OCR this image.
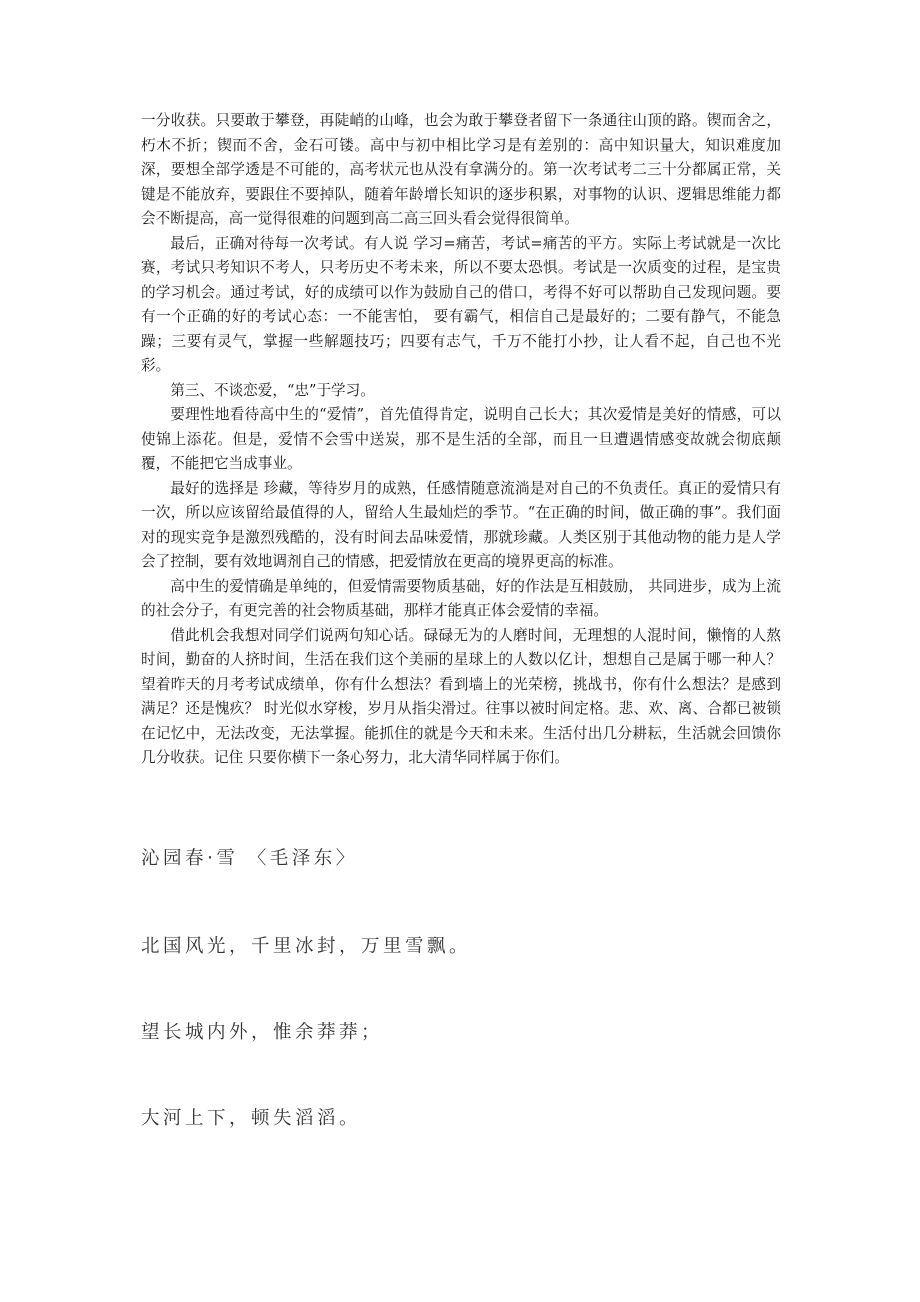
一分收获。只要敢于攀登，再陡峭的山峰，也会为敢于攀登者留下一条通往山顶的路。锲而舍之，朽木不折；锲而不舍，金石可镂。高中与初中相比学习是有差别的：高中知识量大，知识难度加深，要想全部学透是不可能的，高考状元也从没有拿满分的。第一次考试考二三十分都属正常，关键是不能放弃，要跟住不要掉队，随着年龄增长知识的逐步积累，对事物的认识、逻辑思维能力都会不断提高，高一觉得很难的问题到高二高三回头看会觉得很简单。

最后，正确对待每一次考试。有人说 学习=痛苦，考试=痛苦的平方。实际上考试就是一次比赛，考试只考知识不考人，只考历史不考未来，所以不要太恐惧。考试是一次质变的过程，是宝贵的学习机会。通过考试，好的成绩可以作为鼓励自己的借口，考得不好可以帮助自己发现问题。要有一个正确的好的考试心态：一不能害怕， 要有霸气，相信自己是最好的；二要有静气，不能急躁；三要有灵气，掌握一些解题技巧；四要有志气，千万不能打小抄，让人看不起，自己也不光彩。

第三、不谈恋爱，“忠”于学习。

要理性地看待高中生的“爱情”，首先值得肯定，说明自己长大；其次爱情是美好的情感，可以使锦上添花。但是，爱情不会雪中送炭，那不是生活的全部，而且一旦遭遇情感变故就会彻底颠覆，不能把它当成事业。

最好的选择是 珍藏，等待岁月的成熟，任感情随意流淌是对自己的不负责任。真正的爱情只有一次，所以应该留给最值得的人，留给人生最灿烂的季节。“在正确的时间，做正确的事”。我们面对的现实竞争是激烈残酷的，没有时间去品味爱情，那就珍藏。人类区别于其他动物的能力是人学会了控制，要有效地调剂自己的情感，把爱情放在更高的境界更高的标准。

高中生的爱情确是单纯的，但爱情需要物质基础，好的作法是互相鼓励， 共同进步，成为上流的社会分子，有更完善的社会物质基础，那样才能真正体会爱情的幸福。

借此机会我想对同学们说两句知心话。碌碌无为的人磨时间，无理想的人混时间，懒惰的人熬时间，勤奋的人挤时间，生活在我们这个美丽的星球上的人数以亿计，想想自己是属于哪一种人？望着昨天的月考考试成绩单，你有什么想法？看到墙上的光荣榜，挑战书，你有什么想法？是感到满足？还是愧疚？ 时光似水穿梭，岁月从指尖滑过。往事以被时间定格。悲、欢、离、合都已被锁在记忆中，无法改变，无法掌握。能抓住的就是今天和未来。生活付出几分耕耘，生活就会回馈你几分收获。记住 只要你横下一条心努力，北大清华同样属于你们。

沁园春·雪 〈毛泽东〉

北国风光，千里冰封，万里雪飘。

望长城内外，惟余莽莽；

大河上下，顿失滔滔。
